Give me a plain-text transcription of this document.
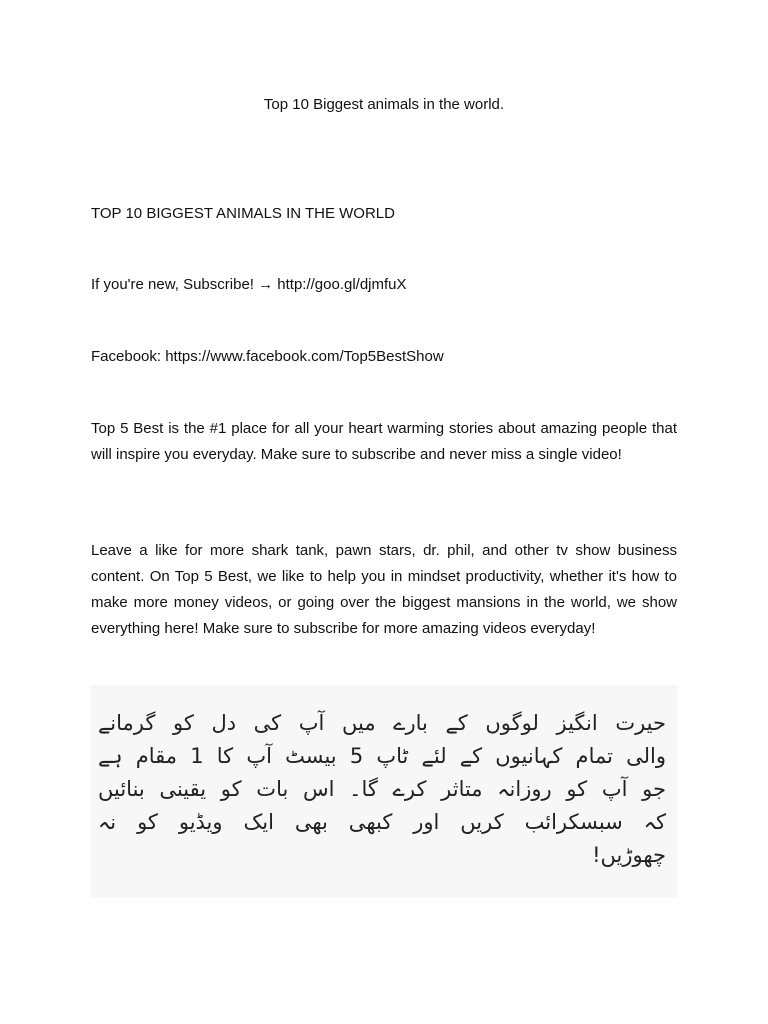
Top 10 Biggest animals in the world.
TOP 10 BIGGEST ANIMALS IN THE WORLD
If you're new, Subscribe! → http://goo.gl/djmfuX
Facebook: https://www.facebook.com/Top5BestShow
Top 5 Best is the #1 place for all your heart warming stories about amazing people that will inspire you everyday. Make sure to subscribe and never miss a single video!
Leave a like for more shark tank, pawn stars, dr. phil, and other tv show business content. On Top 5 Best, we like to help you in mindset productivity, whether it's how to make more money videos, or going over the biggest mansions in the world, we show everything here! Make sure to subscribe for more amazing videos everyday!
حیرت انگیز لوگوں کے بارے میں آپ کی دل کو گرمانے والی تمام کہانیوں کے لئے ٹاپ 5 بیسٹ آپ کا 1 مقام ہے جو آپ کو روزانہ متاثر کرے گا۔ اس بات کو یقینی بنائیں کہ سبسکرائب کریں اور کبھی بھی ایک ویڈیو کو نہ چھوڑیں!
